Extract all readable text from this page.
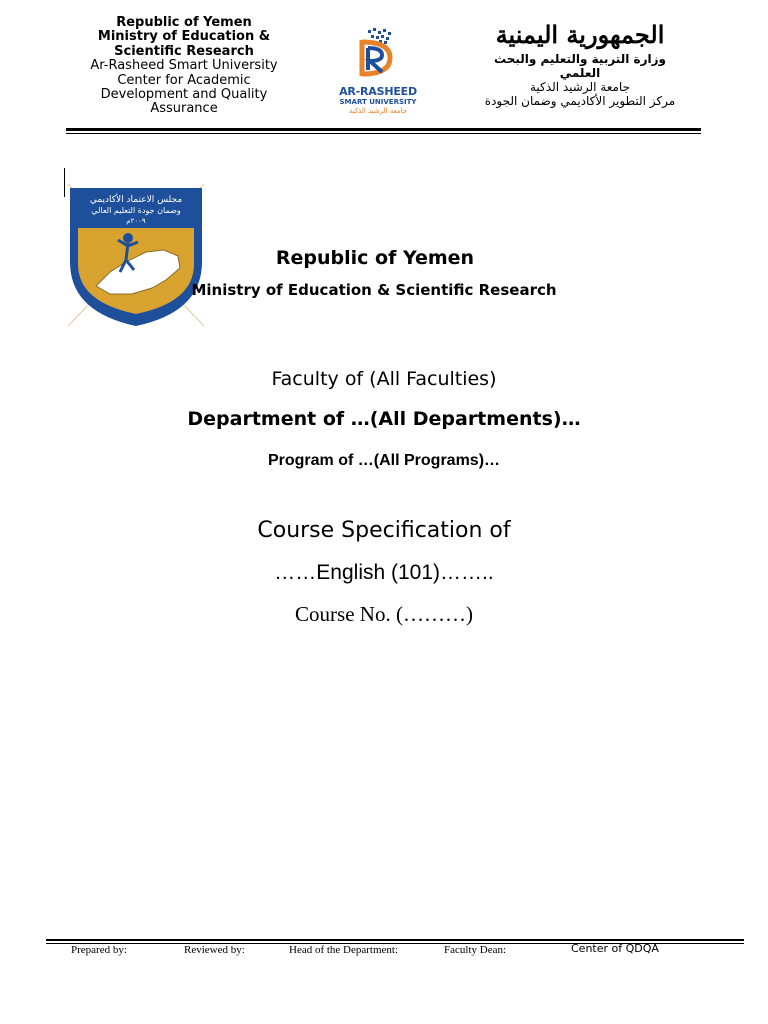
Republic of Yemen
Ministry of Education &
Scientific Research
Ar-Rasheed Smart University
Center for Academic
Development and Quality
Assurance
AR-RASHEED
SMART UNIVERSITY
جامعة الرشيد الذكية
الجمهورية اليمنية
وزارة التربية والتعليم والبحث
العلمي
جامعة الرشيد الذكية
مركز التطوير الأكاديمي وضمان الجودة
مجلس الاعتماد الأكاديمي
وضمان جودة التعليم العالي
٢٠٠٩م
Republic of Yemen
Ministry of Education & Scientific Research
Faculty of (All Faculties)
Department of …(All Departments)…
Program of …(All Programs)…
Course Specification of
……English (101)……..
Course No. (………)
Prepared by:	Reviewed by:	Head of the Department:	Faculty Dean:	Center of QDQA
